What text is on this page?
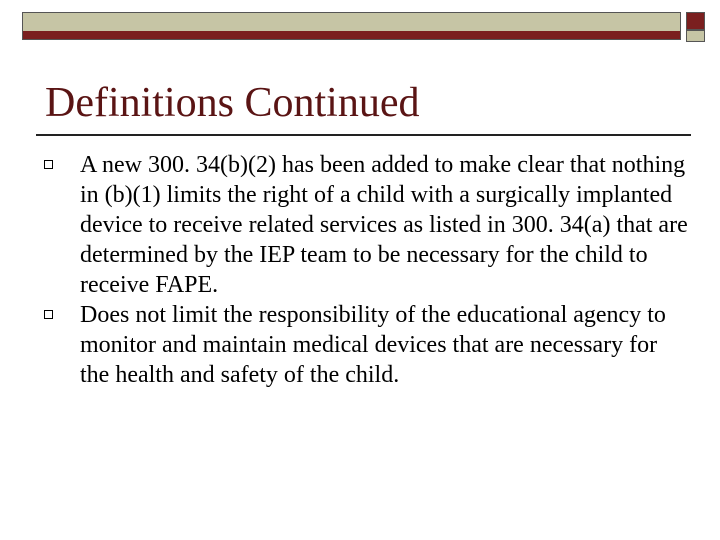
Definitions Continued
A new 300. 34(b)(2) has been added to make clear that nothing in (b)(1) limits the right of a child with a surgically implanted device to receive related services as listed in 300. 34(a) that are determined by the IEP team to be necessary for the child to receive FAPE.
Does not limit the responsibility of the educational agency to monitor and maintain medical devices that are necessary for the health and safety of the child.
